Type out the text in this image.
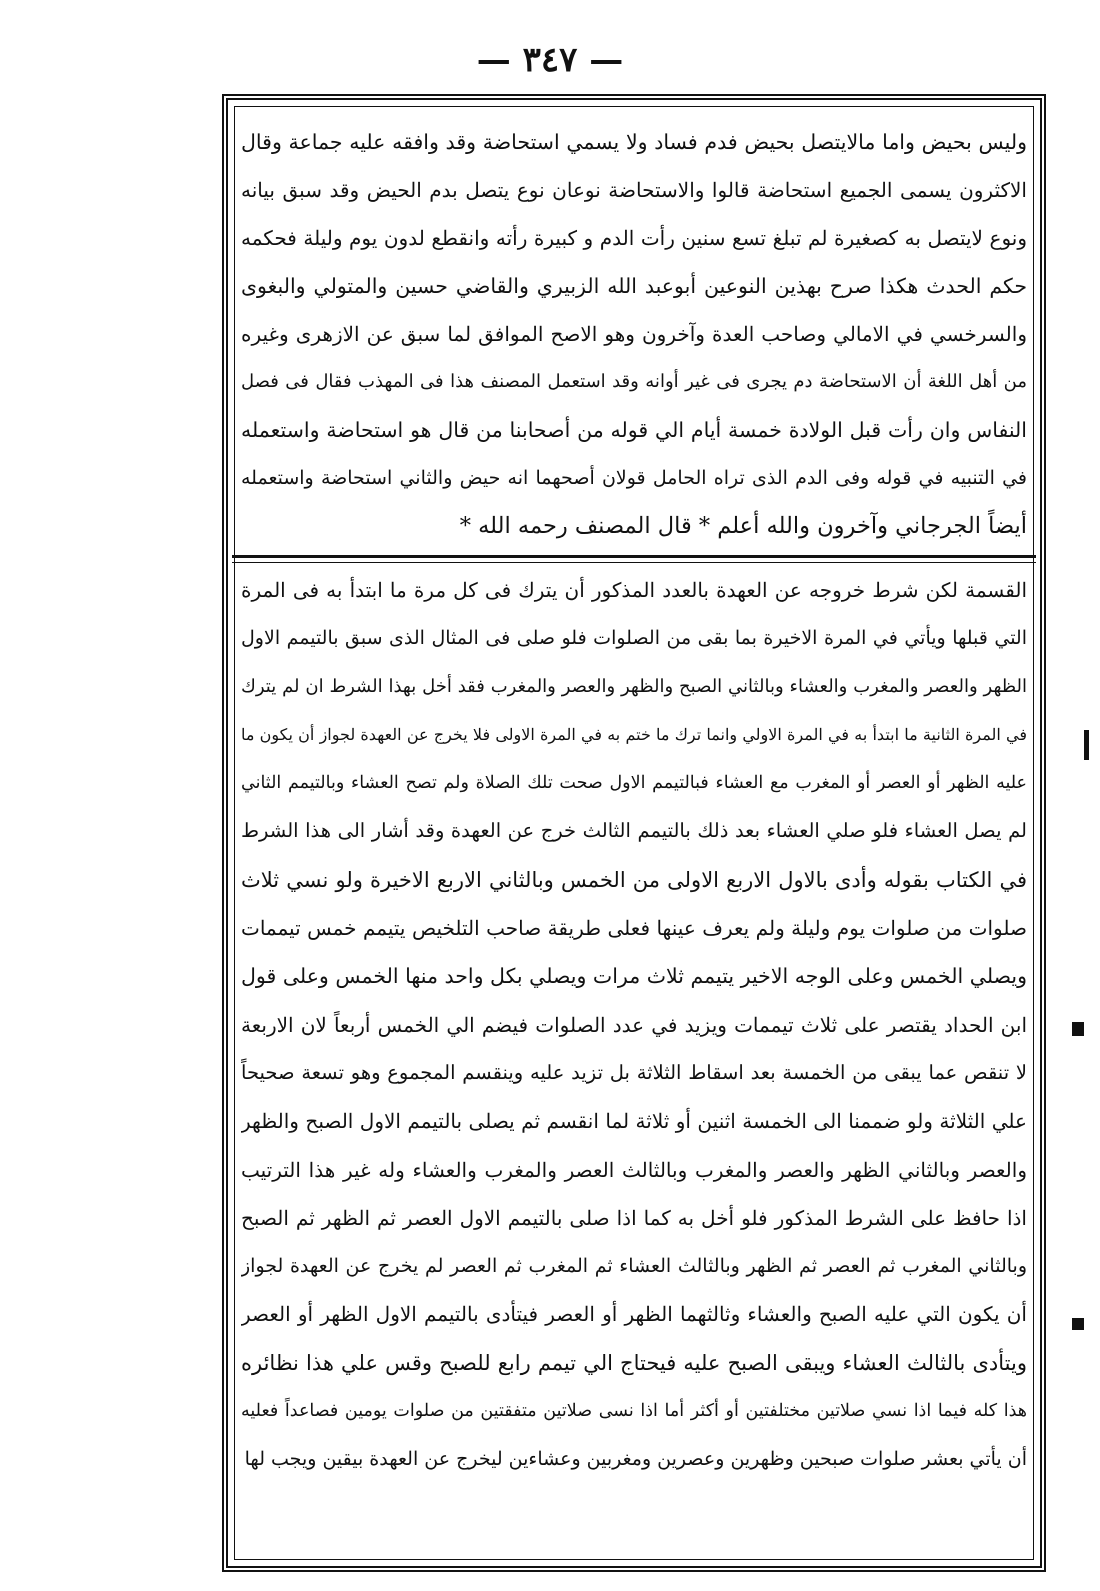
— ٣٤٧ —
وليس بحيض واما مالايتصل بحيض فدم فساد ولا يسمي استحاضة وقد وافقه عليه جماعة وقال
الاكثرون يسمى الجميع استحاضة قالوا والاستحاضة نوعان نوع يتصل بدم الحيض وقد سبق بيانه
ونوع لايتصل به كصغيرة لم تبلغ تسع سنين رأت الدم و كبيرة رأته وانقطع لدون يوم وليلة فحكمه
حكم الحدث هكذا صرح بهذين النوعين أبوعبد الله الزبيري والقاضي حسين والمتولي والبغوى
والسرخسي في الامالي وصاحب العدة وآخرون وهو الاصح الموافق لما سبق عن الازهرى وغيره
من أهل اللغة أن الاستحاضة دم يجرى فى غير أوانه وقد استعمل المصنف هذا فى المهذب فقال فى فصل
النفاس وان رأت قبل الولادة خمسة أيام الي قوله من أصحابنا من قال هو استحاضة واستعمله
في التنبيه في قوله وفى الدم الذى تراه الحامل قولان أصحهما انه حيض والثاني استحاضة واستعمله
أيضاً الجرجاني وآخرون والله أعلم * قال المصنف رحمه الله *
القسمة لكن شرط خروجه عن العهدة بالعدد المذكور أن يترك فى كل مرة ما ابتدأ به فى المرة
التي قبلها ويأتي في المرة الاخيرة بما بقى من الصلوات فلو صلى فى المثال الذى سبق بالتيمم الاول
الظهر والعصر والمغرب والعشاء وبالثاني الصبح والظهر والعصر والمغرب فقد أخل بهذا الشرط ان لم يترك
في المرة الثانية ما ابتدأ به في المرة الاولي وانما ترك ما ختم به في المرة الاولى فلا يخرج عن العهدة لجواز أن يكون ما
عليه الظهر أو العصر أو المغرب مع العشاء فبالتيمم الاول صحت تلك الصلاة ولم تصح العشاء وبالتيمم الثاني
لم يصل العشاء فلو صلي العشاء بعد ذلك بالتيمم الثالث خرج عن العهدة وقد أشار الى هذا الشرط
في الكتاب بقوله وأدى بالاول الاربع الاولى من الخمس وبالثاني الاربع الاخيرة ولو نسي ثلاث
صلوات من صلوات يوم وليلة ولم يعرف عينها فعلى طريقة صاحب التلخيص يتيمم خمس تيممات
ويصلي الخمس وعلى الوجه الاخير يتيمم ثلاث مرات ويصلي بكل واحد منها الخمس وعلى قول
ابن الحداد يقتصر على ثلاث تيممات ويزيد في عدد الصلوات فيضم الي الخمس أربعاً لان الاربعة
لا تنقص عما يبقى من الخمسة بعد اسقاط الثلاثة بل تزيد عليه وينقسم المجموع وهو تسعة صحيحاً
علي الثلاثة ولو ضممنا الى الخمسة اثنين أو ثلاثة لما انقسم ثم يصلى بالتيمم الاول الصبح والظهر
والعصر وبالثاني الظهر والعصر والمغرب وبالثالث العصر والمغرب والعشاء وله غير هذا الترتيب
اذا حافظ على الشرط المذكور فلو أخل به كما اذا صلى بالتيمم الاول العصر ثم الظهر ثم الصبح
وبالثاني المغرب ثم العصر ثم الظهر وبالثالث العشاء ثم المغرب ثم العصر لم يخرج عن العهدة لجواز
أن يكون التي عليه الصبح والعشاء وثالثهما الظهر أو العصر فيتأدى بالتيمم الاول الظهر أو العصر
ويتأدى بالثالث العشاء ويبقى الصبح عليه فيحتاج الي تيمم رابع للصبح وقس علي هذا نظائره
هذا كله فيما اذا نسي صلاتين مختلفتين أو أكثر أما اذا نسى صلاتين متفقتين من صلوات يومين فصاعداً فعليه
أن يأتي بعشر صلوات صبحين وظهرين وعصرين ومغربين وعشاءين ليخرج عن العهدة بيقين ويجب لها
